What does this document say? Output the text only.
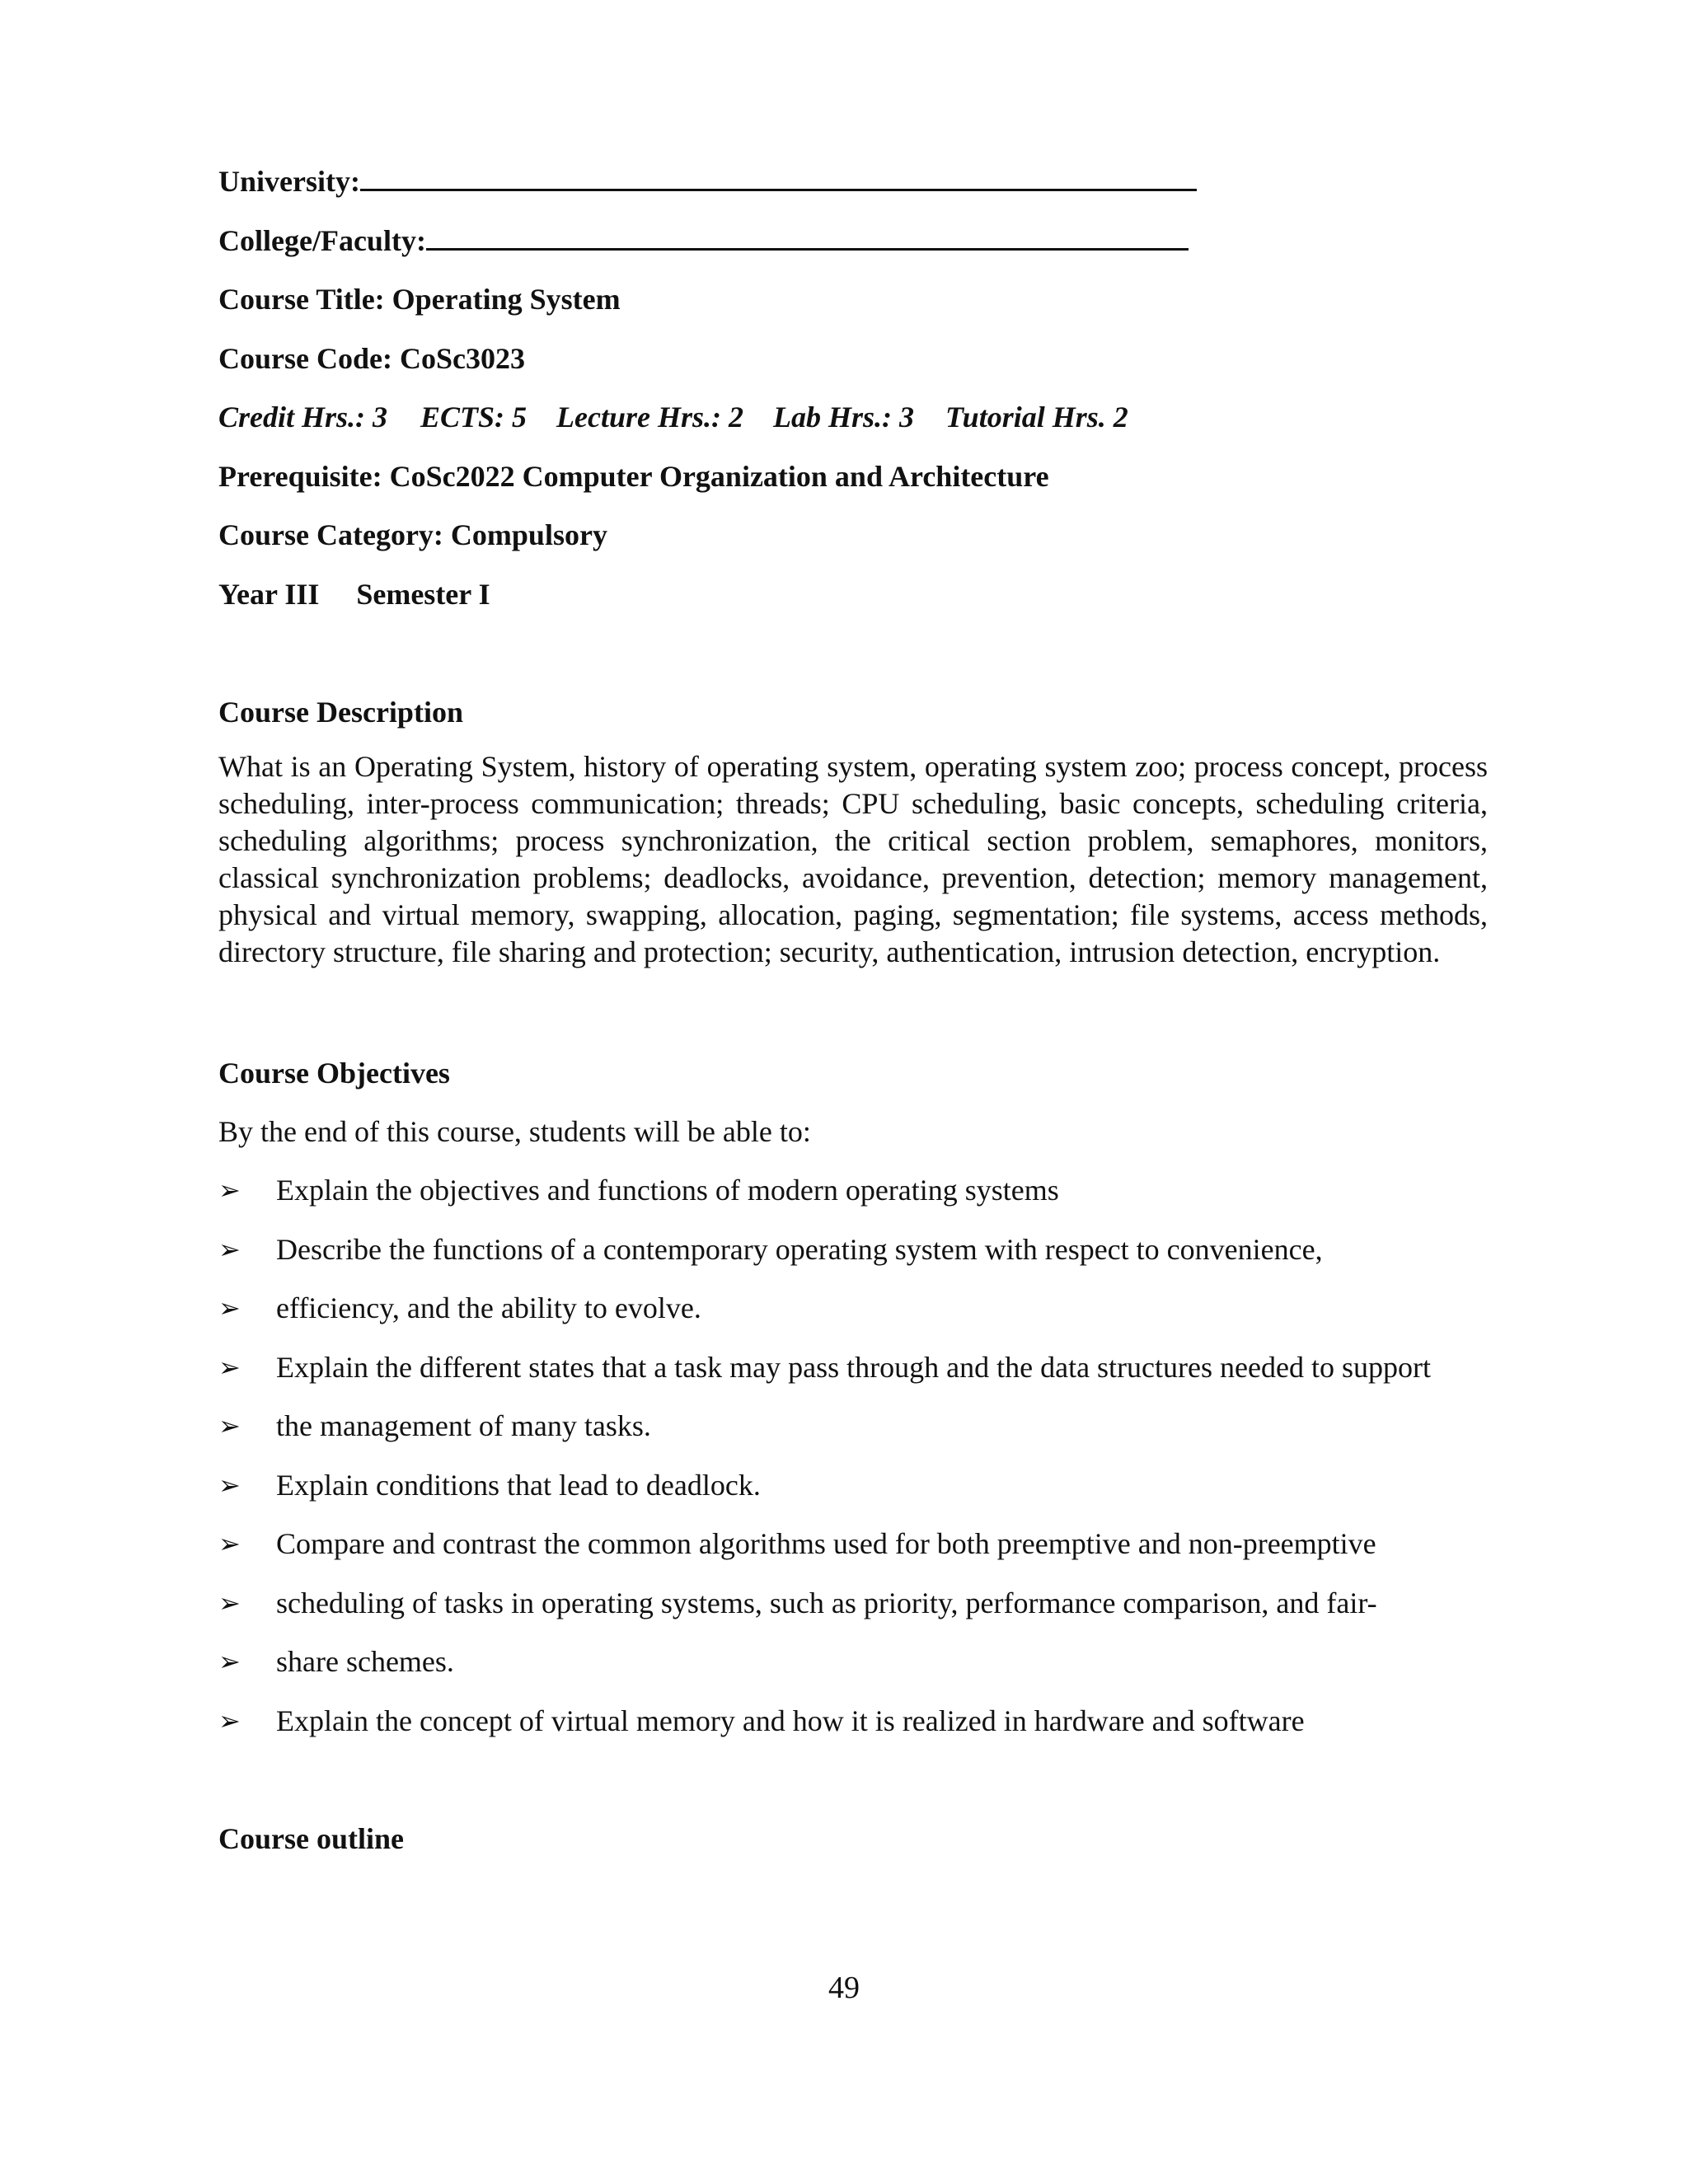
University:
College/Faculty:
Course Title: Operating System
Course Code: CoSc3023
Credit Hrs.: 3 ECTS: 5 Lecture Hrs.: 2 Lab Hrs.: 3 Tutorial Hrs. 2
Prerequisite: CoSc2022 Computer Organization and Architecture
Course Category: Compulsory
Year III Semester I
Course Description
What is an Operating System, history of operating system, operating system zoo; process concept, process scheduling, inter-process communication; threads; CPU scheduling, basic concepts, scheduling criteria, scheduling algorithms; process synchronization, the critical section problem, semaphores, monitors, classical synchronization problems; deadlocks, avoidance, prevention, detection; memory management, physical and virtual memory, swapping, allocation, paging, segmentation; file systems, access methods, directory structure, file sharing and protection; security, authentication, intrusion detection, encryption.
Course Objectives
By the end of this course, students will be able to:
➢	Explain the objectives and functions of modern operating systems
➢	Describe the functions of a contemporary operating system with respect to convenience,
➢	efficiency, and the ability to evolve.
➢	Explain the different states that a task may pass through and the data structures needed to support
➢	the management of many tasks.
➢	Explain conditions that lead to deadlock.
➢	Compare and contrast the common algorithms used for both preemptive and non-preemptive
➢	scheduling of tasks in operating systems, such as priority, performance comparison, and fair-
➢	share schemes.
➢	Explain the concept of virtual memory and how it is realized in hardware and software
Course outline
49
